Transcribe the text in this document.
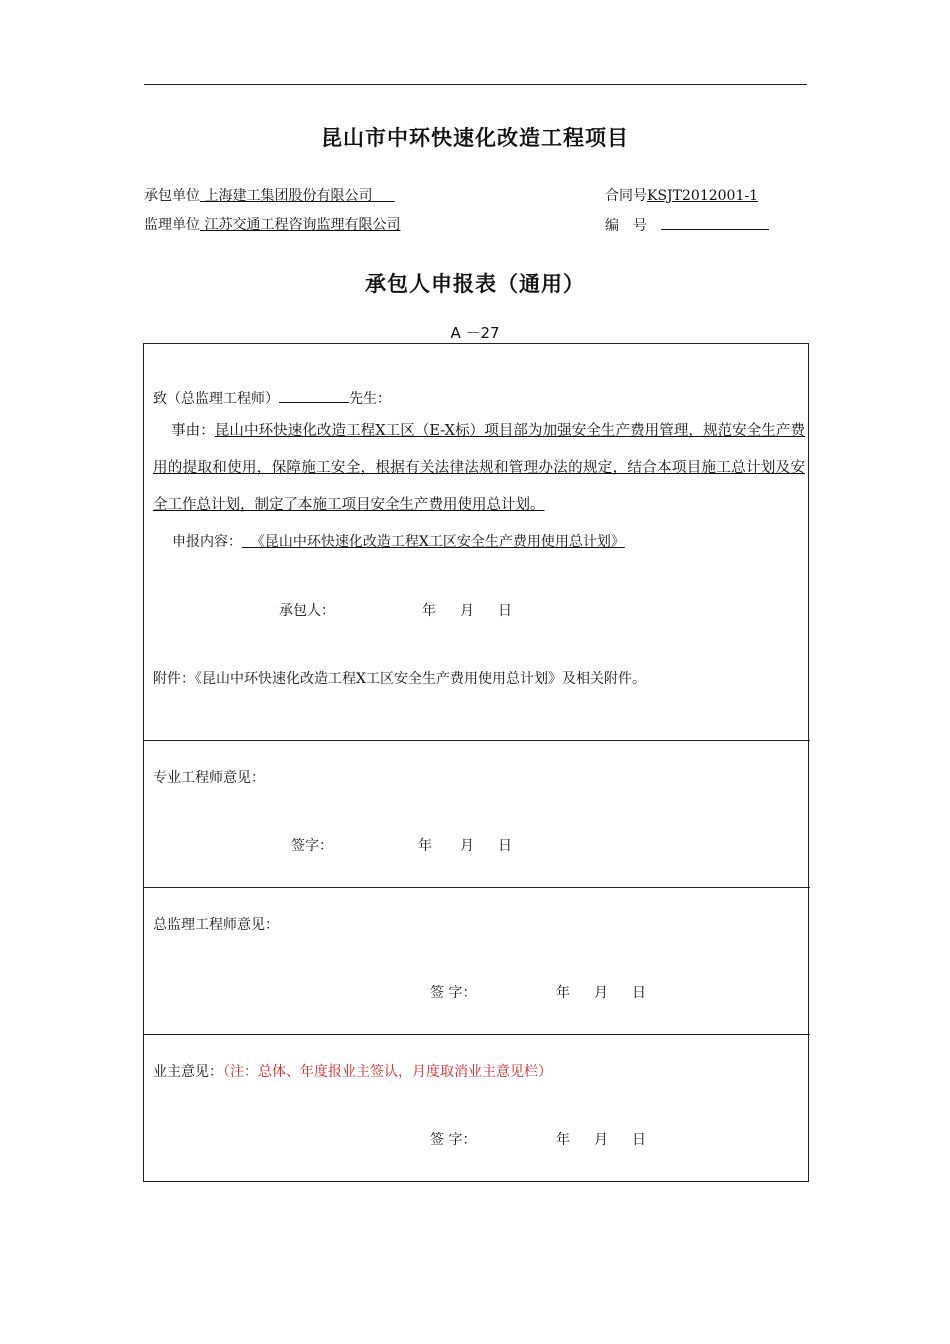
昆山市中环快速化改造工程项目
承包单位 上海建工集团股份有限公司	合同号KSJT2012001-1
监理单位 江苏交通工程咨询监理有限公司	编　号
承包人申报表（通用）
A －27
致（总监理工程师）	先生：
事由：昆山中环快速化改造工程X工区（E-X标）项目部为加强安全生产费用管理，规范安全生产费用的提取和使用，保障施工安全，根据有关法律法规和管理办法的规定，结合本项目施工总计划及安全工作总计划，制定了本施工项目安全生产费用使用总计划。
申报内容： 《昆山中环快速化改造工程X工区安全生产费用使用总计划》
承包人：	年 月 日
附件：《昆山中环快速化改造工程X工区安全生产费用使用总计划》及相关附件。
专业工程师意见：
签字：	年 月 日
总监理工程师意见：
签 字：	年 月 日
业主意见：（注：总体、年度报业主签认，月度取消业主意见栏）
签 字：	年 月 日
